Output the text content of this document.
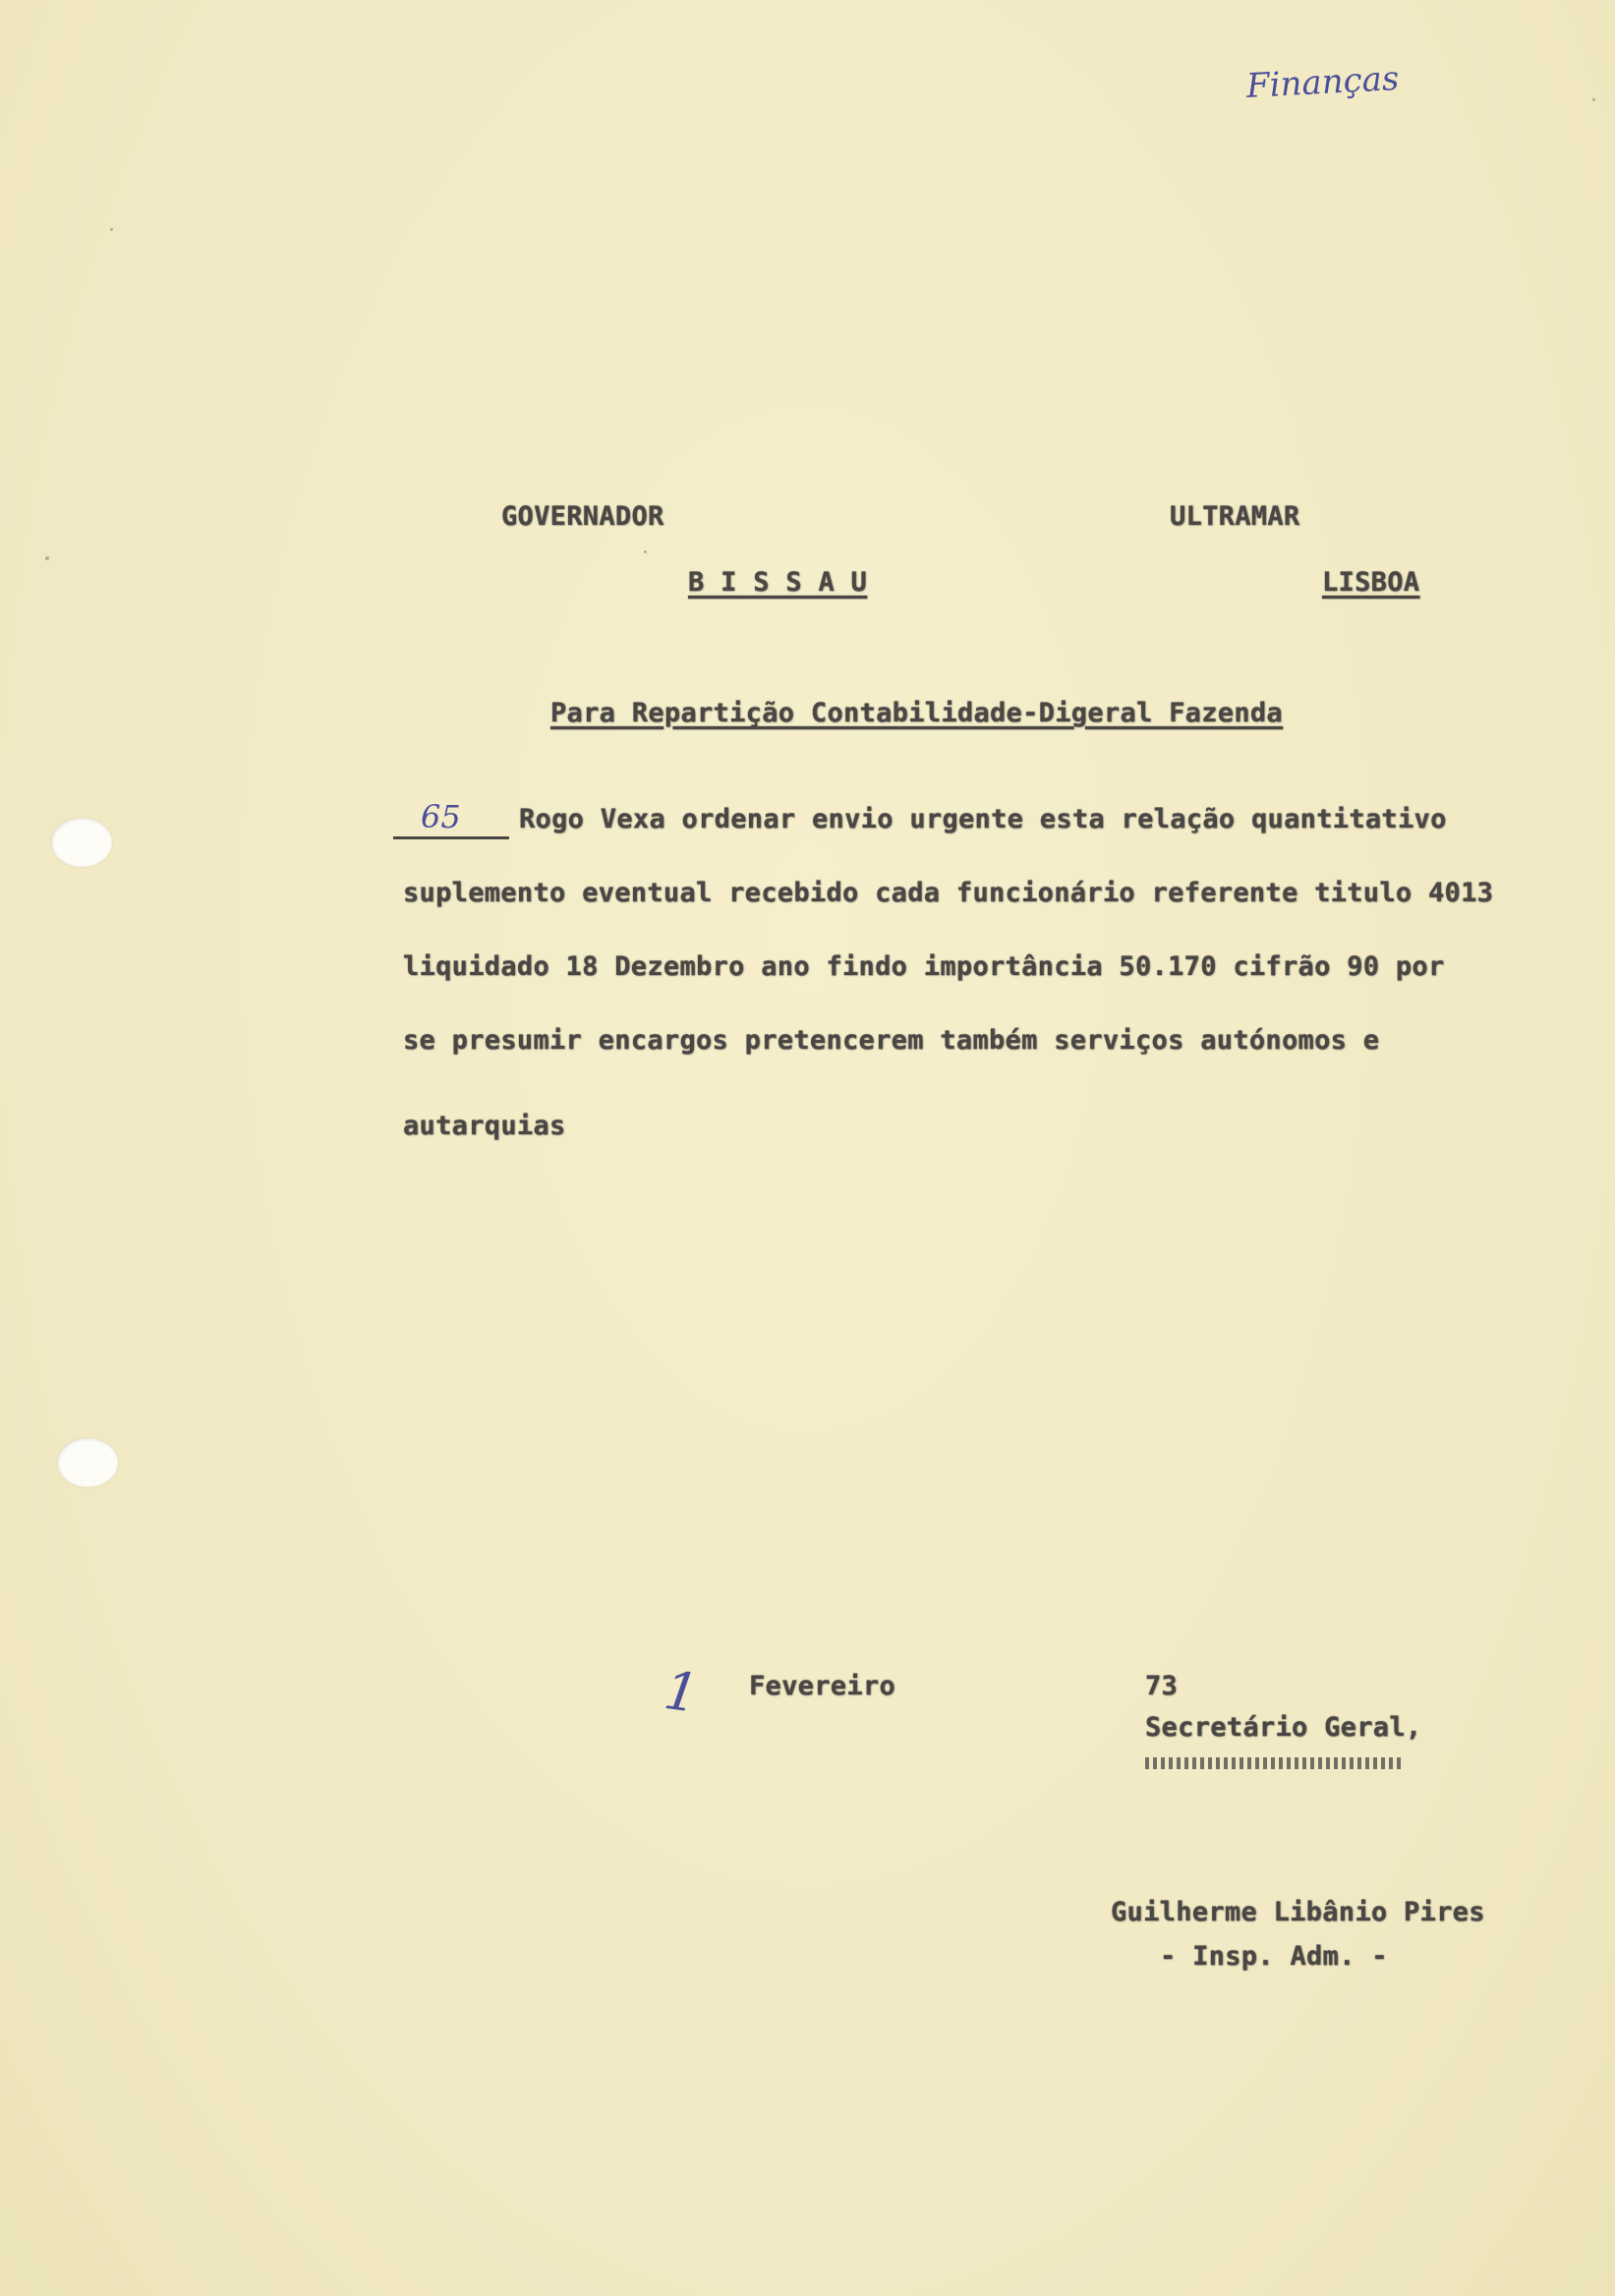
Finanças
GOVERNADOR
B I S S A U
ULTRAMAR
LISBOA
Para Repartição Contabilidade-Digeral Fazenda
65 Rogo Vexa ordenar envio urgente esta relação quantitativo
suplemento eventual recebido cada funcionário referente titulo 4013
liquidado 18 Dezembro ano findo importância 50.170 cifrão 90 por
se presumir encargos pretencerem também serviços autónomos e
autarquias
1 Fevereiro	73
Secretário Geral,
Guilherme Libânio Pires
- Insp. Adm. -
